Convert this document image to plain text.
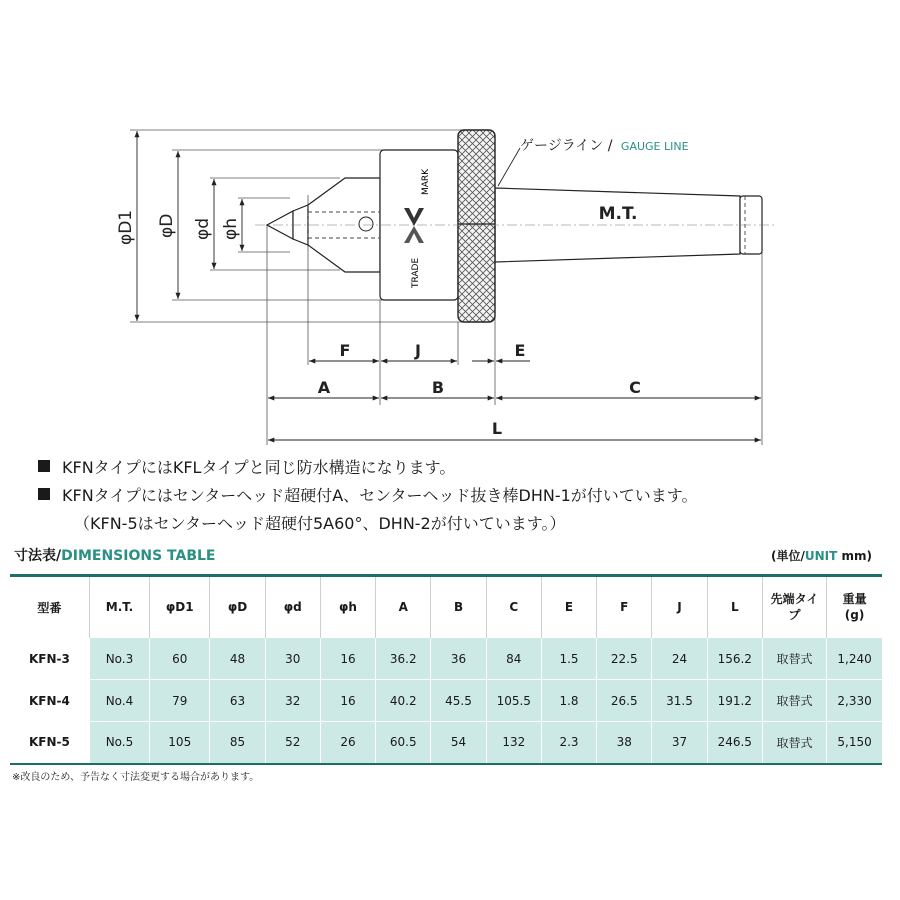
TRADE
MARK
φD1 φD φd φh
F	J	E
A	B	C
L
M.T.
ゲージライン / GAUGE LINE
KFNタイプにはKFLタイプと同じ防水構造になります。
KFNタイプにはセンターヘッド超硬付A、センターヘッド抜き棒DHN-1が付いています。
（KFN-5はセンターヘッド超硬付5A60°、DHN-2が付いています。）
寸法表/DIMENSIONS TABLE	(単位/UNIT mm)
型番	M.T.	φD1	φD	φd	φh	A	B	C	E	F	J	L	先端タイ
プ	重量
(g)
KFN-3	No.3	60	48	30	16	36.2	36	84	1.5	22.5	24	156.2	取替式	1,240
KFN-4	No.4	79	63	32	16	40.2	45.5	105.5	1.8	26.5	31.5	191.2	取替式	2,330
KFN-5	No.5	105	85	52	26	60.5	54	132	2.3	38	37	246.5	取替式	5,150
※改良のため、予告なく寸法変更する場合があります。
